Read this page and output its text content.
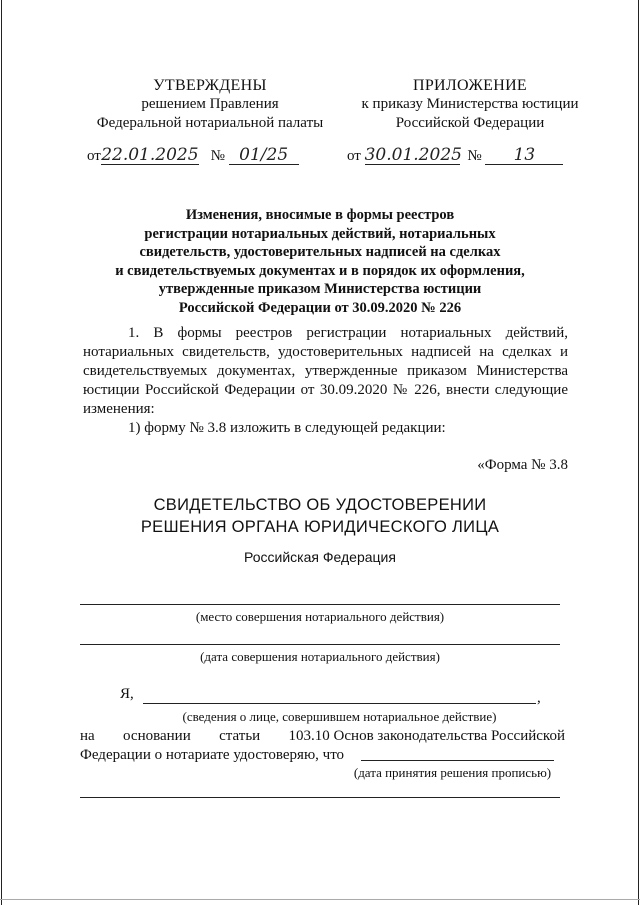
УТВЕРЖДЕНЫ
решением Правления
Федеральной нотариальной палаты
ПРИЛОЖЕНИЕ
к приказу Министерства юстиции
Российской Федерации
от22.01.2025 № 01/25	от 30.01.2025 № 13
Изменения, вносимые в формы реестров
регистрации нотариальных действий, нотариальных
свидетельств, удостоверительных надписей на сделках
и свидетельствуемых документах и в порядок их оформления,
утвержденные приказом Министерства юстиции
Российской Федерации от 30.09.2020 № 226

1. В формы реестров регистрации нотариальных действий, нотариальных свидетельств, удостоверительных надписей на сделках и свидетельствуемых документах, утвержденные приказом Министерства юстиции Российской Федерации от 30.09.2020 № 226, внести следующие изменения:

1) форму № 3.8 изложить в следующей редакции:

«Форма № 3.8
СВИДЕТЕЛЬСТВО ОБ УДОСТОВЕРЕНИИ
РЕШЕНИЯ ОРГАНА ЮРИДИЧЕСКОГО ЛИЦА
Российская Федерация
(место совершения нотариального действия)
(дата совершения нотариального действия)
Я,	,
(сведения о лице, совершившем нотариальное действие)
на основании статьи 103.10 Основ законодательства Российской
Федерации о нотариате удостоверяю, что
(дата принятия решения прописью)
